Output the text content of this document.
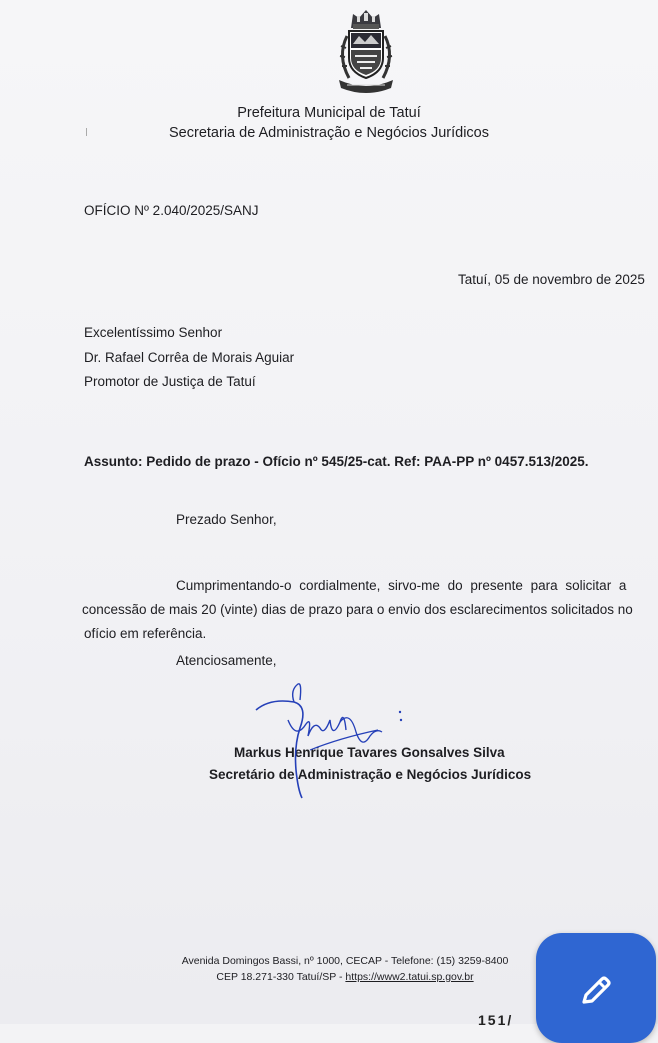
Prefeitura Municipal de Tatuí
Secretaria de Administração e Negócios Jurídicos
OFÍCIO Nº 2.040/2025/SANJ
Tatuí, 05 de novembro de 2025
Excelentíssimo Senhor
Dr. Rafael Corrêa de Morais Aguiar
Promotor de Justiça de Tatuí
Assunto: Pedido de prazo - Ofício nº 545/25-cat. Ref: PAA-PP nº 0457.513/2025.
Prezado Senhor,
Cumprimentando-o cordialmente, sirvo-me do presente para solicitar a
concessão de mais 20 (vinte) dias de prazo para o envio dos esclarecimentos solicitados no
ofício em referência.
Atenciosamente,
Markus Henrique Tavares Gonsalves Silva
Secretário de Administração e Negócios Jurídicos
Avenida Domingos Bassi, nº 1000, CECAP - Telefone: (15) 3259-8400
CEP 18.271-330 Tatuí/SP - https://www2.tatui.sp.gov.br
151/
